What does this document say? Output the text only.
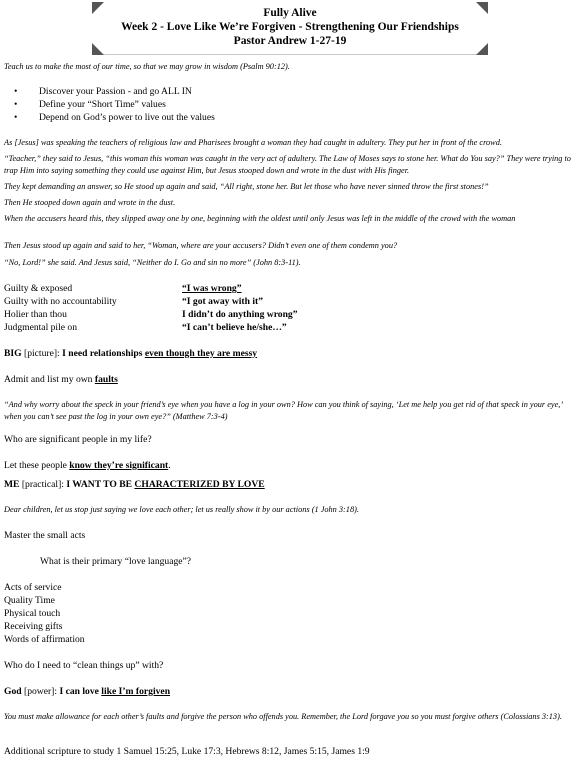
Fully Alive
Week 2 - Love Like We’re Forgiven - Strengthening Our Friendships
Pastor Andrew 1-27-19
Teach us to make the most of our time, so that we may grow in wisdom (Psalm 90:12).
• Discover your Passion - and go ALL IN
• Define your “Short Time” values
• Depend on God’s power to live out the values
As [Jesus] was speaking the teachers of religious law and Pharisees brought a woman they had caught in adultery. They put her in front of the crowd.
“Teacher,” they said to Jesus, “this woman this woman was caught in the very act of adultery. The Law of Moses says to stone her. What do You say?” They were trying to trap Him into saying something they could use against Him, but Jesus stooped down and wrote in the dust with His finger.
They kept demanding an answer, so He stood up again and said, “All right, stone her. But let those who have never sinned throw the first stones!”
Then He stooped down again and wrote in the dust.
When the accusers heard this, they slipped away one by one, beginning with the oldest until only Jesus was left in the middle of the crowd with the woman
Then Jesus stood up again and said to her, “Woman, where are your accusers? Didn’t even one of them condemn you?
“No, Lord!” she said. And Jesus said, “Neither do I. Go and sin no more” (John 8:3-11).
Guilty & exposed	“I was wrong”
Guilty with no accountability	“I got away with it”
Holier than thou	I didn’t do anything wrong”
Judgmental pile on	“I can’t believe he/she…”
BIG [picture]: I need relationships even though they are messy
Admit and list my own faults
“And why worry about the speck in your friend’s eye when you have a log in your own? How can you think of saying, ‘Let me help you get rid of that speck in your eye,’ when you can’t see past the log in your own eye?” (Matthew 7:3-4)
Who are significant people in my life?
Let these people know they’re significant.
ME [practical]: I WANT TO BE CHARACTERIZED BY LOVE
Dear children, let us stop just saying we love each other; let us really show it by our actions (1 John 3:18).
Master the small acts
What is their primary “love language”?
Acts of service
Quality Time
Physical touch
Receiving gifts
Words of affirmation
Who do I need to “clean things up” with?
God [power]: I can love like I’m forgiven
You must make allowance for each other’s faults and forgive the person who offends you. Remember, the Lord forgave you so you must forgive others (Colossians 3:13).
Additional scripture to study 1 Samuel 15:25, Luke 17:3, Hebrews 8:12, James 5:15, James 1:9
